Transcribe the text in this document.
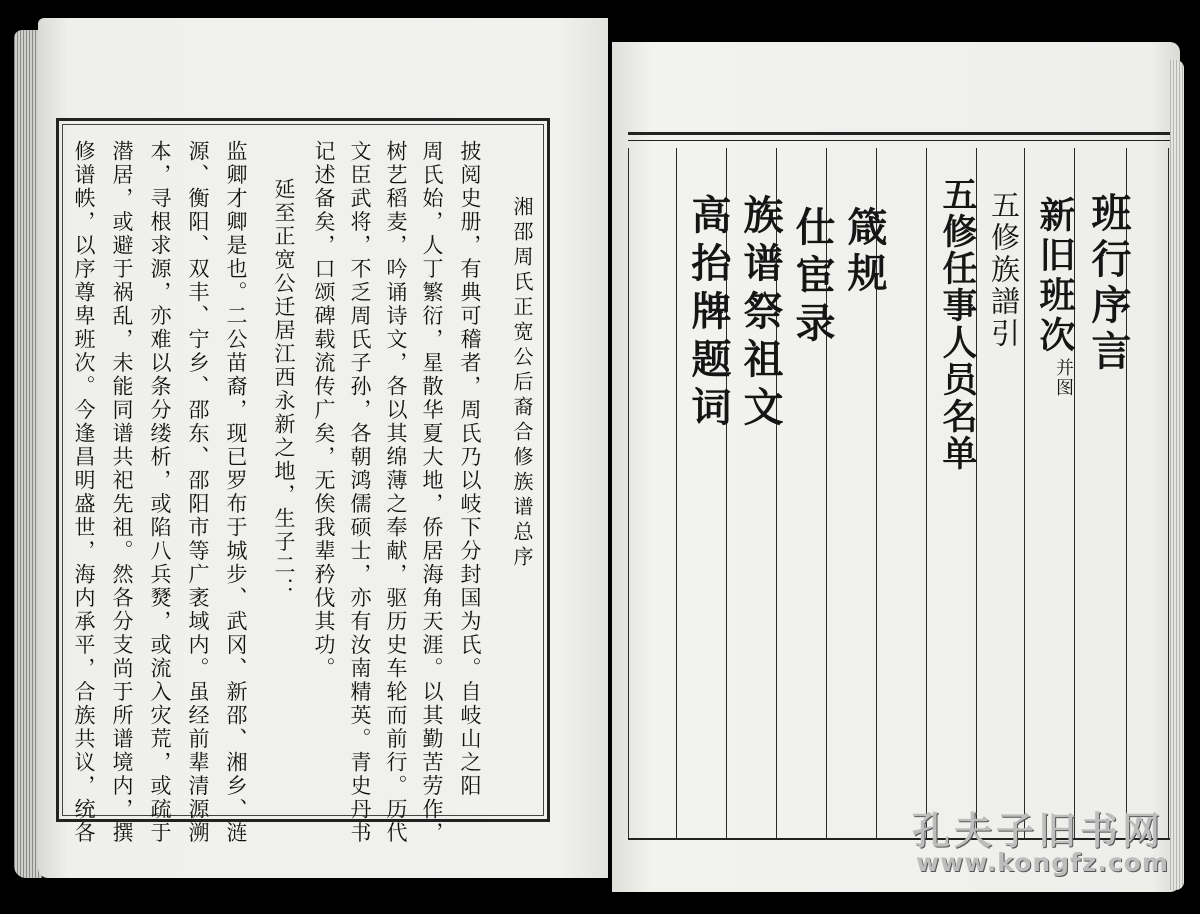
湘邵周氏正宽公后裔合修族谱总序
披阅史册，有典可稽者，周氏乃以岐下分封国为氏。自岐山之阳
周氏始，人丁繁衍，星散华夏大地，侨居海角天涯。以其勤苦劳作，
树艺稻麦，吟诵诗文，各以其绵薄之奉献，驱历史车轮而前行。历代
文臣武将，不乏周氏子孙，各朝鸿儒硕士，亦有汝南精英。青史丹书
记述备矣，口颂碑载流传广矣，无俟我辈矜伐其功。
延至正宽公迁居江西永新之地，生子二：
监卿才卿是也。二公苗裔，现已罗布于城步、武冈、新邵、湘乡、涟
源、衡阳、双丰、宁乡、邵东、邵阳市等广袤域内。虽经前辈清源溯
本，寻根求源，亦难以条分缕析，或陷八兵燹，或流入灾荒，或疏于
潜居，或避于祸乱，未能同谱共祀先祖。然各分支尚于所谱境内，撰
修谱帙，以序尊卑班次。今逢昌明盛世，海内承平，合族共议，统各	班行序言
新旧班次
并图
五修族譜引
五修任事人员名单
箴规
仕宦录
族谱祭祖文
高抬牌题词
孔夫子旧书网
www.kongfz.com
